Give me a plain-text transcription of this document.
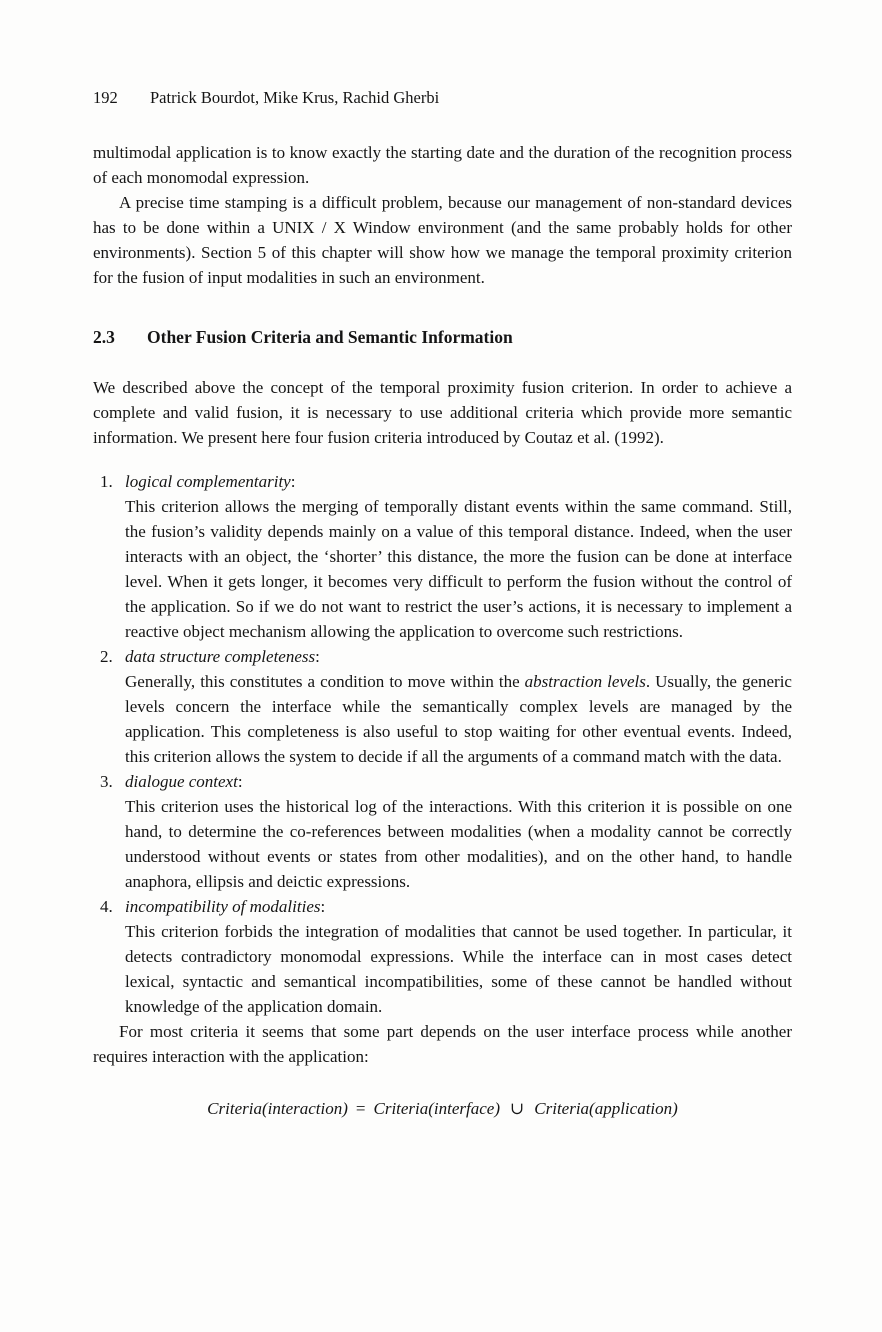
192	Patrick Bourdot, Mike Krus, Rachid Gherbi

multimodal application is to know exactly the starting date and the duration of the recognition process of each monomodal expression.

A precise time stamping is a difficult problem, because our management of non-standard devices has to be done within a UNIX / X Window environment (and the same probably holds for other environments). Section 5 of this chapter will show how we manage the temporal proximity criterion for the fusion of input modalities in such an environment.

2.3	Other Fusion Criteria and Semantic Information

We described above the concept of the temporal proximity fusion criterion. In order to achieve a complete and valid fusion, it is necessary to use additional criteria which provide more semantic information. We present here four fusion criteria introduced by Coutaz et al. (1992).

1. logical complementarity:
This criterion allows the merging of temporally distant events within the same command. Still, the fusion’s validity depends mainly on a value of this temporal distance. Indeed, when the user interacts with an object, the ‘shorter’ this distance, the more the fusion can be done at interface level. When it gets longer, it becomes very difficult to perform the fusion without the control of the application. So if we do not want to restrict the user’s actions, it is necessary to implement a reactive object mechanism allowing the application to overcome such restrictions.
2. data structure completeness:
Generally, this constitutes a condition to move within the abstraction levels. Usually, the generic levels concern the interface while the semantically complex levels are managed by the application. This completeness is also useful to stop waiting for other eventual events. Indeed, this criterion allows the system to decide if all the arguments of a command match with the data.
3. dialogue context:
This criterion uses the historical log of the interactions. With this criterion it is possible on one hand, to determine the co-references between modalities (when a modality cannot be correctly understood without events or states from other modalities), and on the other hand, to handle anaphora, ellipsis and deictic expressions.
4. incompatibility of modalities:
This criterion forbids the integration of modalities that cannot be used together. In particular, it detects contradictory monomodal expressions. While the interface can in most cases detect lexical, syntactic and semantical incompatibilities, some of these cannot be handled without knowledge of the application domain.

For most criteria it seems that some part depends on the user interface process while another requires interaction with the application:

Criteria(interaction) = Criteria(interface) ∪ Criteria(application)
